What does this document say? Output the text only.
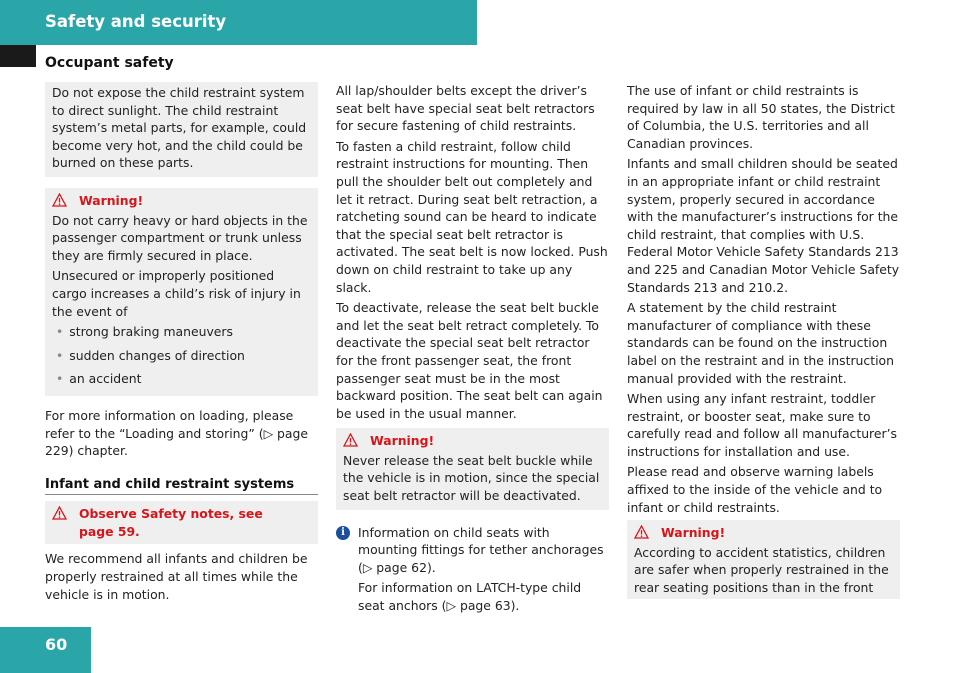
Safety and security
Occupant safety

Do not expose the child restraint system to direct sunlight. The child restraint system’s metal parts, for example, could become very hot, and the child could be burned on these parts.

Warning!

Do not carry heavy or hard objects in the passenger compartment or trunk unless they are firmly secured in place.

Unsecured or improperly positioned cargo increases a child’s risk of injury in the event of

• strong braking maneuvers
• sudden changes of direction
• an accident

For more information on loading, please refer to the “Loading and storing” (▷ page 229) chapter.

Infant and child restraint systems
Observe Safety notes, see page 59.

We recommend all infants and children be properly restrained at all times while the vehicle is in motion.

All lap/shoulder belts except the driver’s seat belt have special seat belt retractors for secure fastening of child restraints.

To fasten a child restraint, follow child restraint instructions for mounting. Then pull the shoulder belt out completely and let it retract. During seat belt retraction, a ratcheting sound can be heard to indicate that the special seat belt retractor is activated. The seat belt is now locked. Push down on child restraint to take up any slack.

To deactivate, release the seat belt buckle and let the seat belt retract completely. To deactivate the special seat belt retractor for the front passenger seat, the front passenger seat must be in the most backward position. The seat belt can again be used in the usual manner.

Warning!

Never release the seat belt buckle while the vehicle is in motion, since the special seat belt retractor will be deactivated.

i	Information on child seats with mounting fittings for tether anchorages (▷ page 62).

For information on LATCH-type child seat anchors (▷ page 63).

The use of infant or child restraints is required by law in all 50 states, the District of Columbia, the U.S. territories and all Canadian provinces.

Infants and small children should be seated in an appropriate infant or child restraint system, properly secured in accordance with the manufacturer’s instructions for the child restraint, that complies with U.S. Federal Motor Vehicle Safety Standards 213 and 225 and Canadian Motor Vehicle Safety Standards 213 and 210.2.

A statement by the child restraint manufacturer of compliance with these standards can be found on the instruction label on the restraint and in the instruction manual provided with the restraint.

When using any infant restraint, toddler restraint, or booster seat, make sure to carefully read and follow all manufacturer’s instructions for installation and use.

Please read and observe warning labels affixed to the inside of the vehicle and to infant or child restraints.

Warning!

According to accident statistics, children are safer when properly restrained in the rear seating positions than in the front

60
